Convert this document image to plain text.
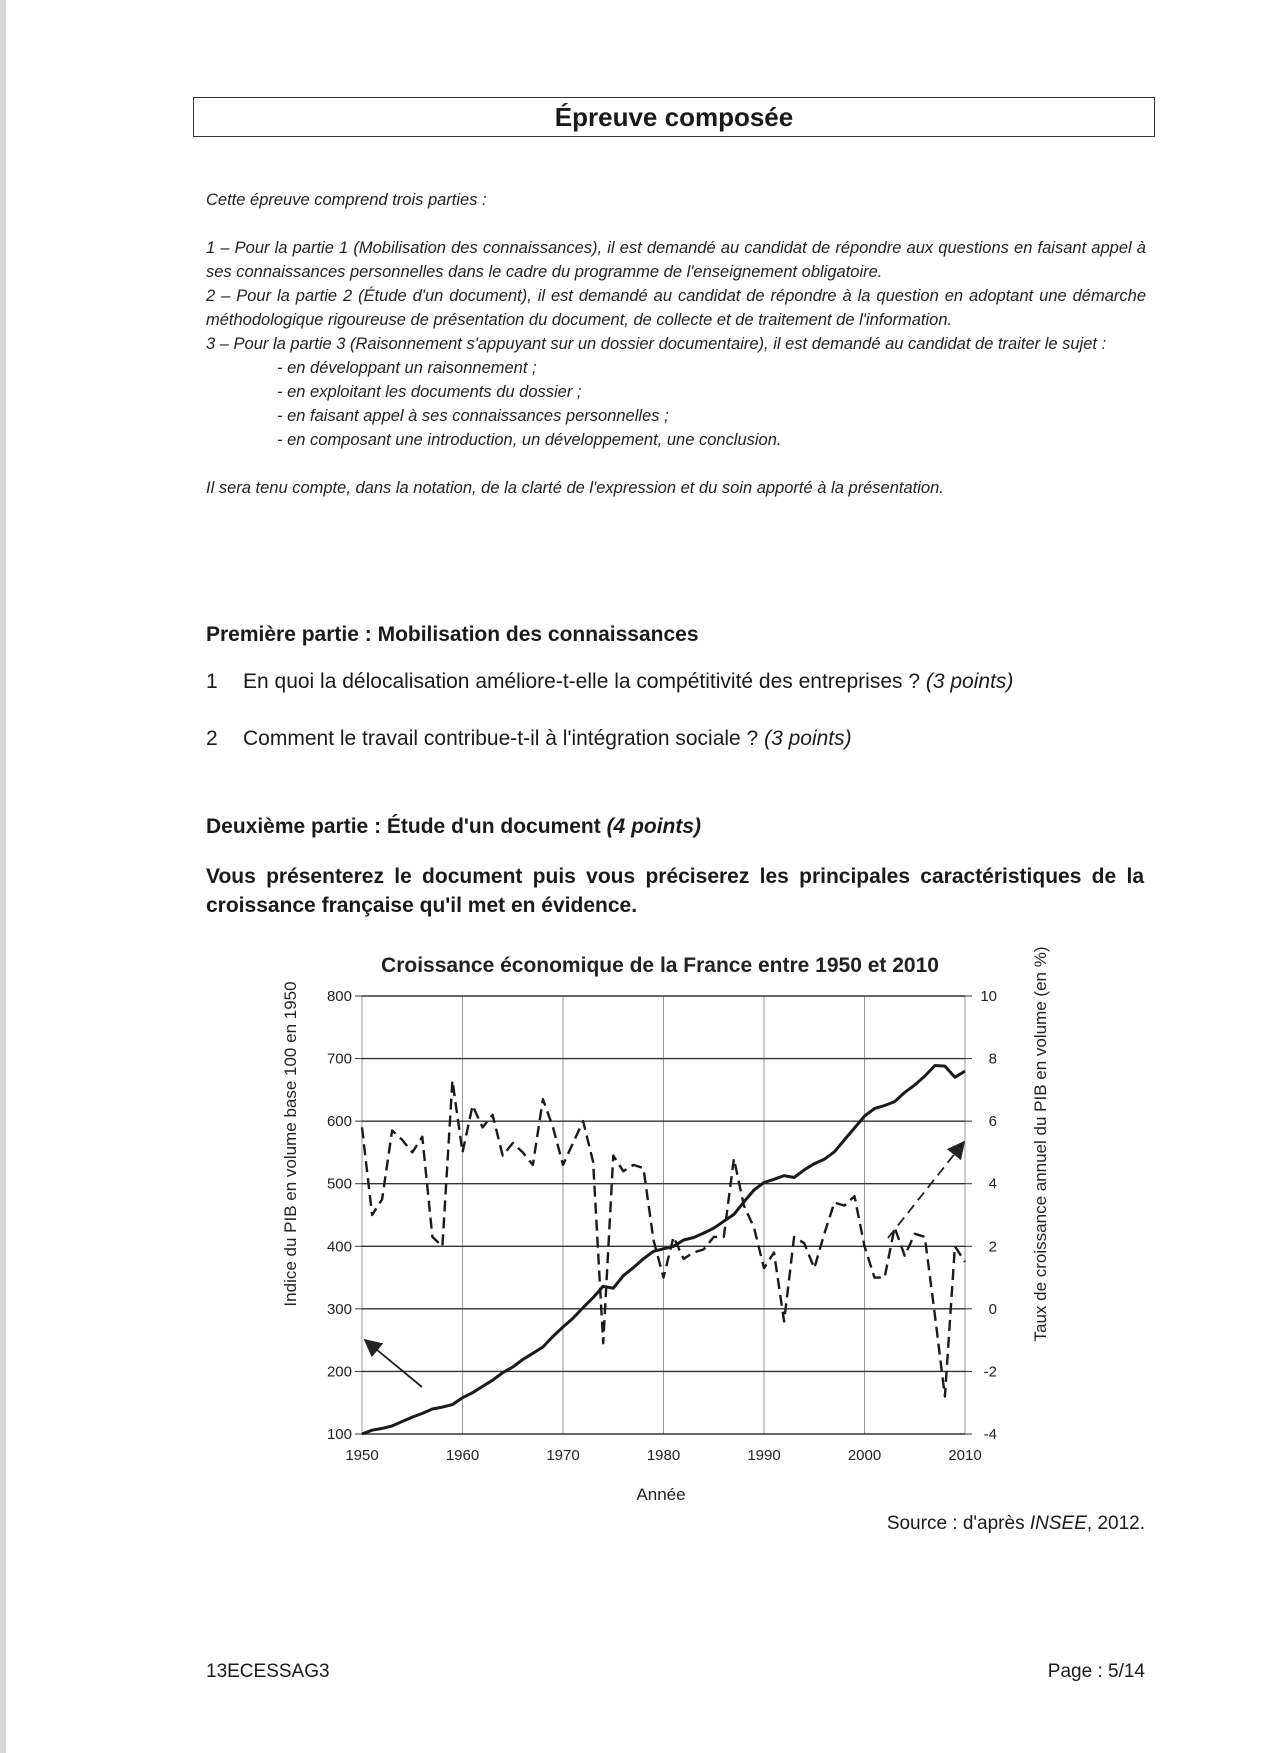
Épreuve composée

Cette épreuve comprend trois parties :

1 – Pour la partie 1 (Mobilisation des connaissances), il est demandé au candidat de répondre aux questions en faisant appel à ses connaissances personnelles dans le cadre du programme de l'enseignement obligatoire.

2 – Pour la partie 2 (Étude d'un document), il est demandé au candidat de répondre à la question en adoptant une démarche méthodologique rigoureuse de présentation du document, de collecte et de traitement de l'information.

3 – Pour la partie 3 (Raisonnement s'appuyant sur un dossier documentaire), il est demandé au candidat de traiter le sujet :

- en développant un raisonnement ;
- en exploitant les documents du dossier ;
- en faisant appel à ses connaissances personnelles ;
- en composant une introduction, un développement, une conclusion.

Il sera tenu compte, dans la notation, de la clarté de l'expression et du soin apporté à la présentation.

Première partie : Mobilisation des connaissances
1 En quoi la délocalisation améliore-t-elle la compétitivité des entreprises ? (3 points)
2 Comment le travail contribue-t-il à l'intégration sociale ? (3 points)
Deuxième partie : Étude d'un document (4 points)
Vous présenterez le document puis vous préciserez les principales caractéristiques de la croissance française qu'il met en évidence.
Croissance économique de la France entre 1950 et 2010
Indice du PIB en volume base 100 en 1950	Taux de croissance annuel du PIB en volume (en %)
Année
1950	1960	1970	1980	1990	2000	2010
800
700
600
500
400
300
200
100
10
8
6
4
2
0
-2
-4
Source : d'après INSEE, 2012.
13ECESSAG3	Page : 5/14
